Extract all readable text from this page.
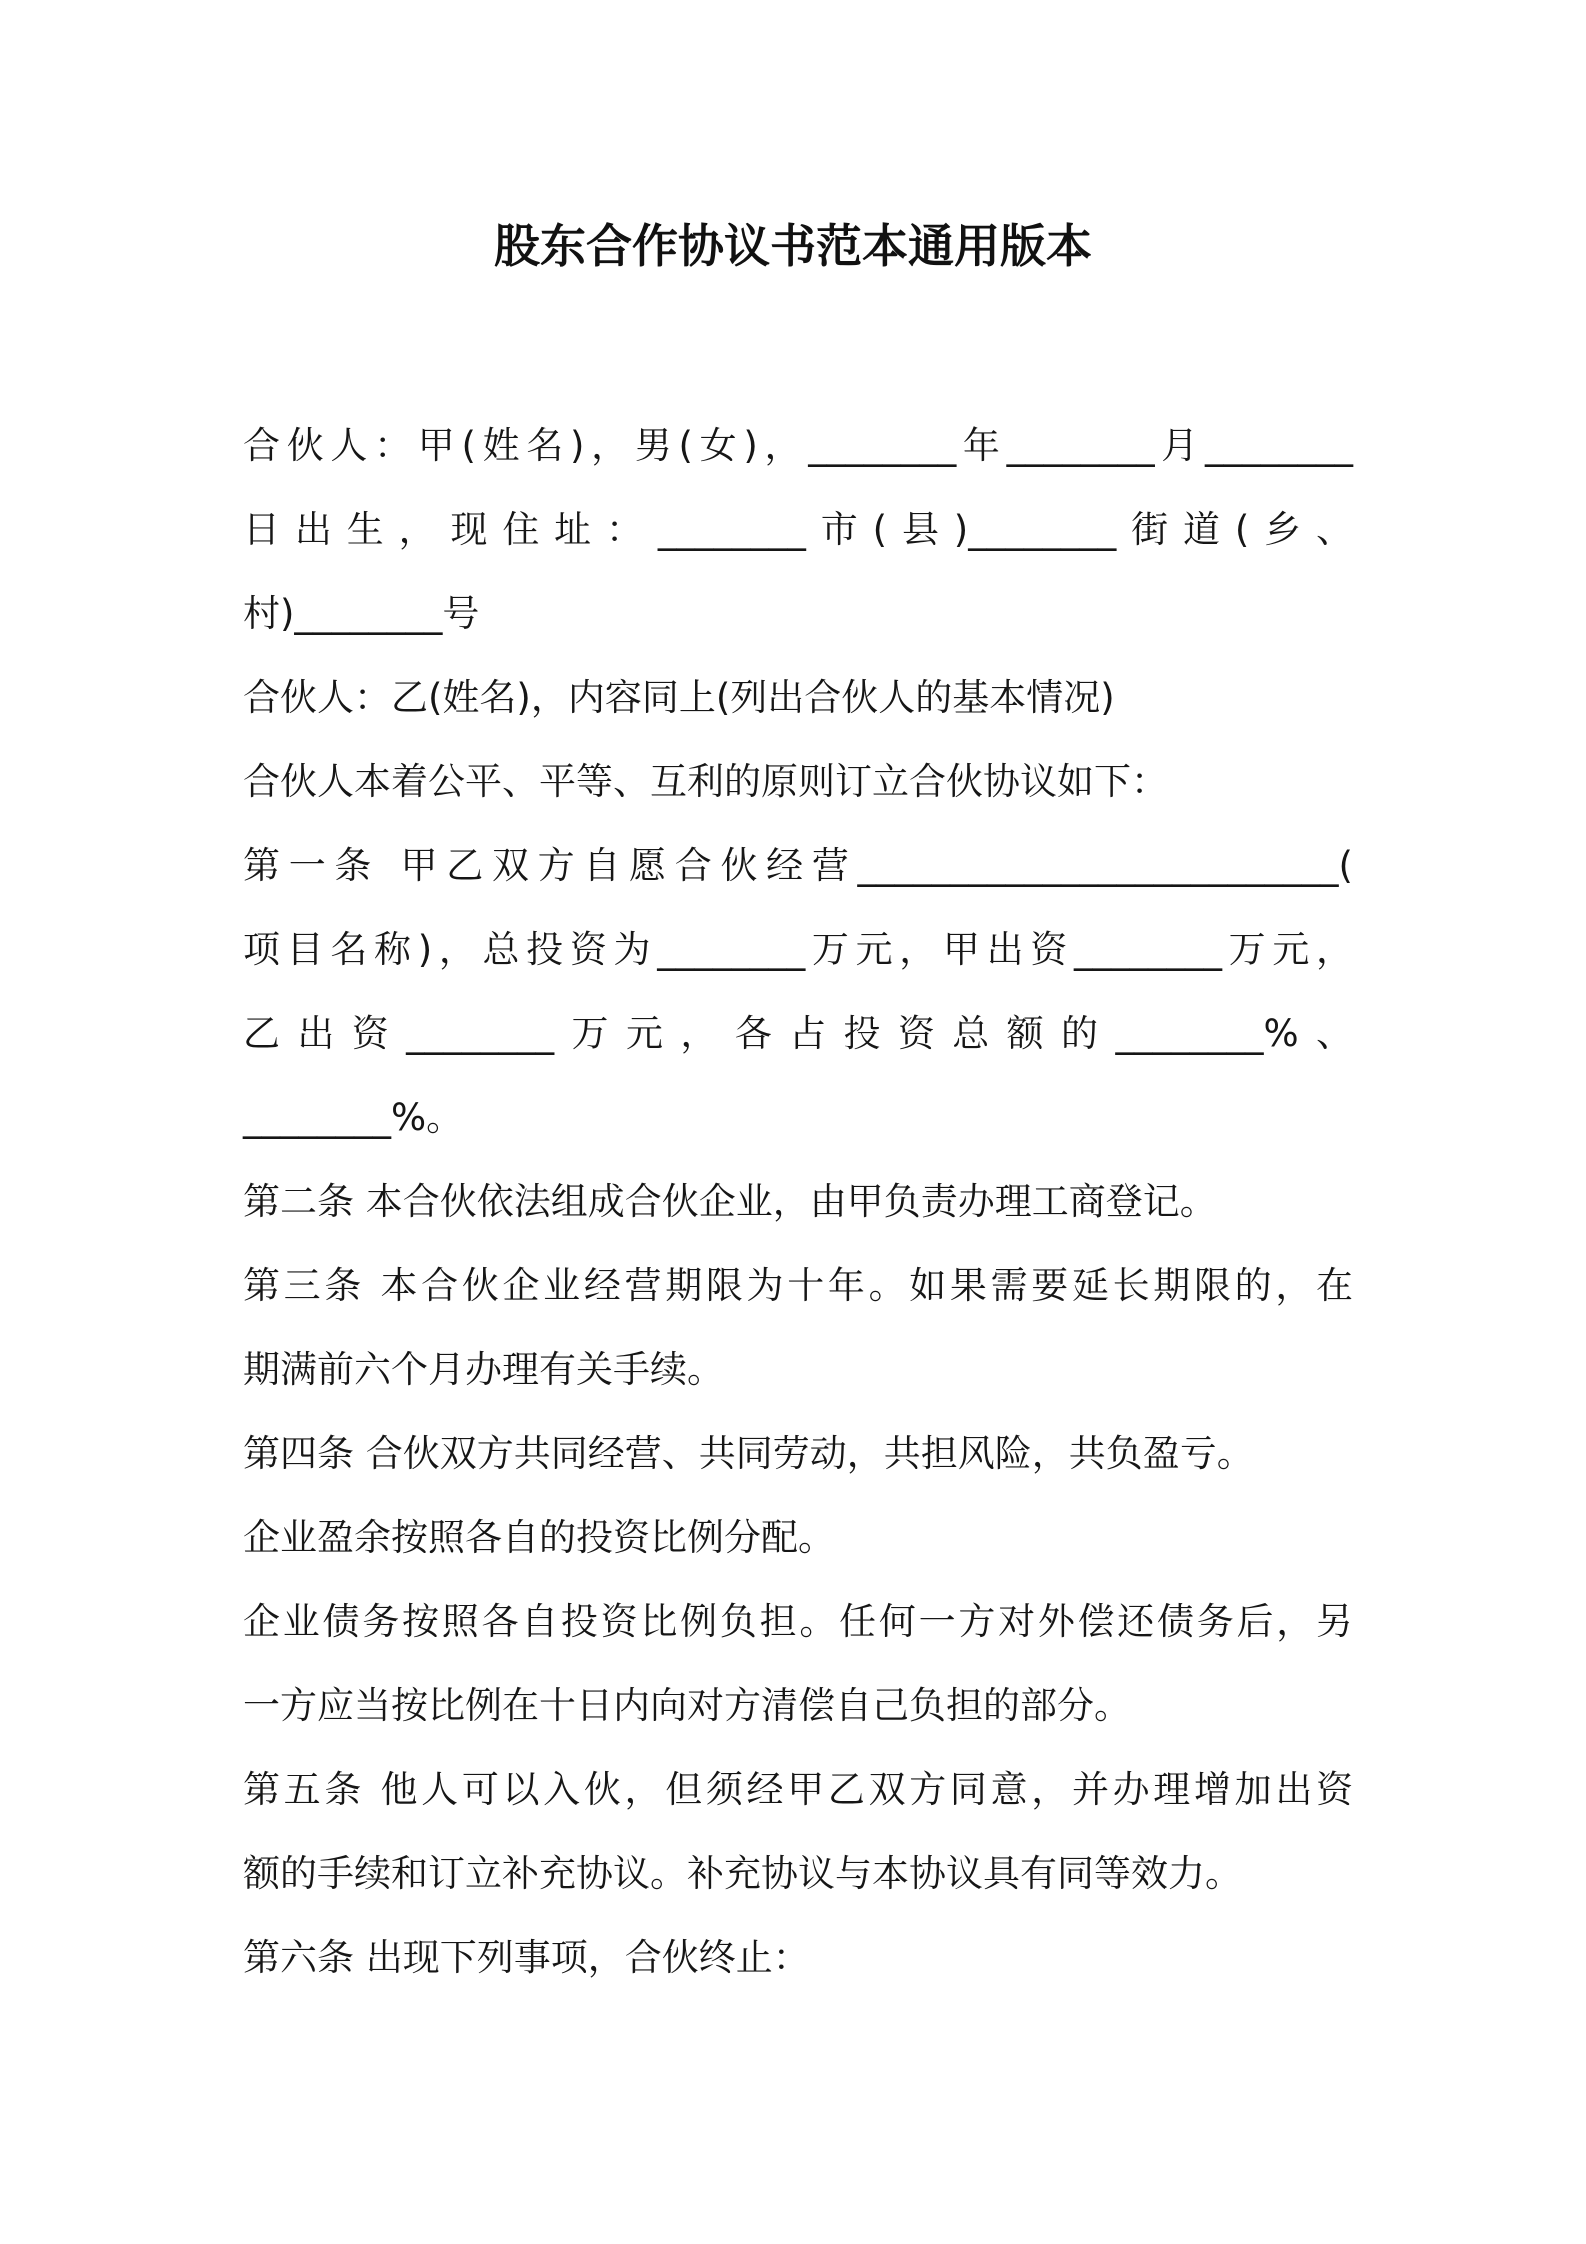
股东合作协议书范本通用版本
合伙人：甲(姓名)，男(女)，________年________月________
日出生，现住址：________市(县)________街道(乡、
村)________号
合伙人：乙(姓名)，内容同上(列出合伙人的基本情况)
合伙人本着公平、平等、互利的原则订立合伙协议如下：
第一条 甲乙双方自愿合伙经营__________________________(
项目名称)，总投资为________万元，甲出资________万元，
乙出资________万元，各占投资总额的________%、
________%。
第二条 本合伙依法组成合伙企业，由甲负责办理工商登记。
第三条 本合伙企业经营期限为十年。如果需要延长期限的，在
期满前六个月办理有关手续。
第四条 合伙双方共同经营、共同劳动，共担风险，共负盈亏。
企业盈余按照各自的投资比例分配。
企业债务按照各自投资比例负担。任何一方对外偿还债务后，另
一方应当按比例在十日内向对方清偿自己负担的部分。
第五条 他人可以入伙，但须经甲乙双方同意，并办理增加出资
额的手续和订立补充协议。补充协议与本协议具有同等效力。
第六条 出现下列事项，合伙终止：
